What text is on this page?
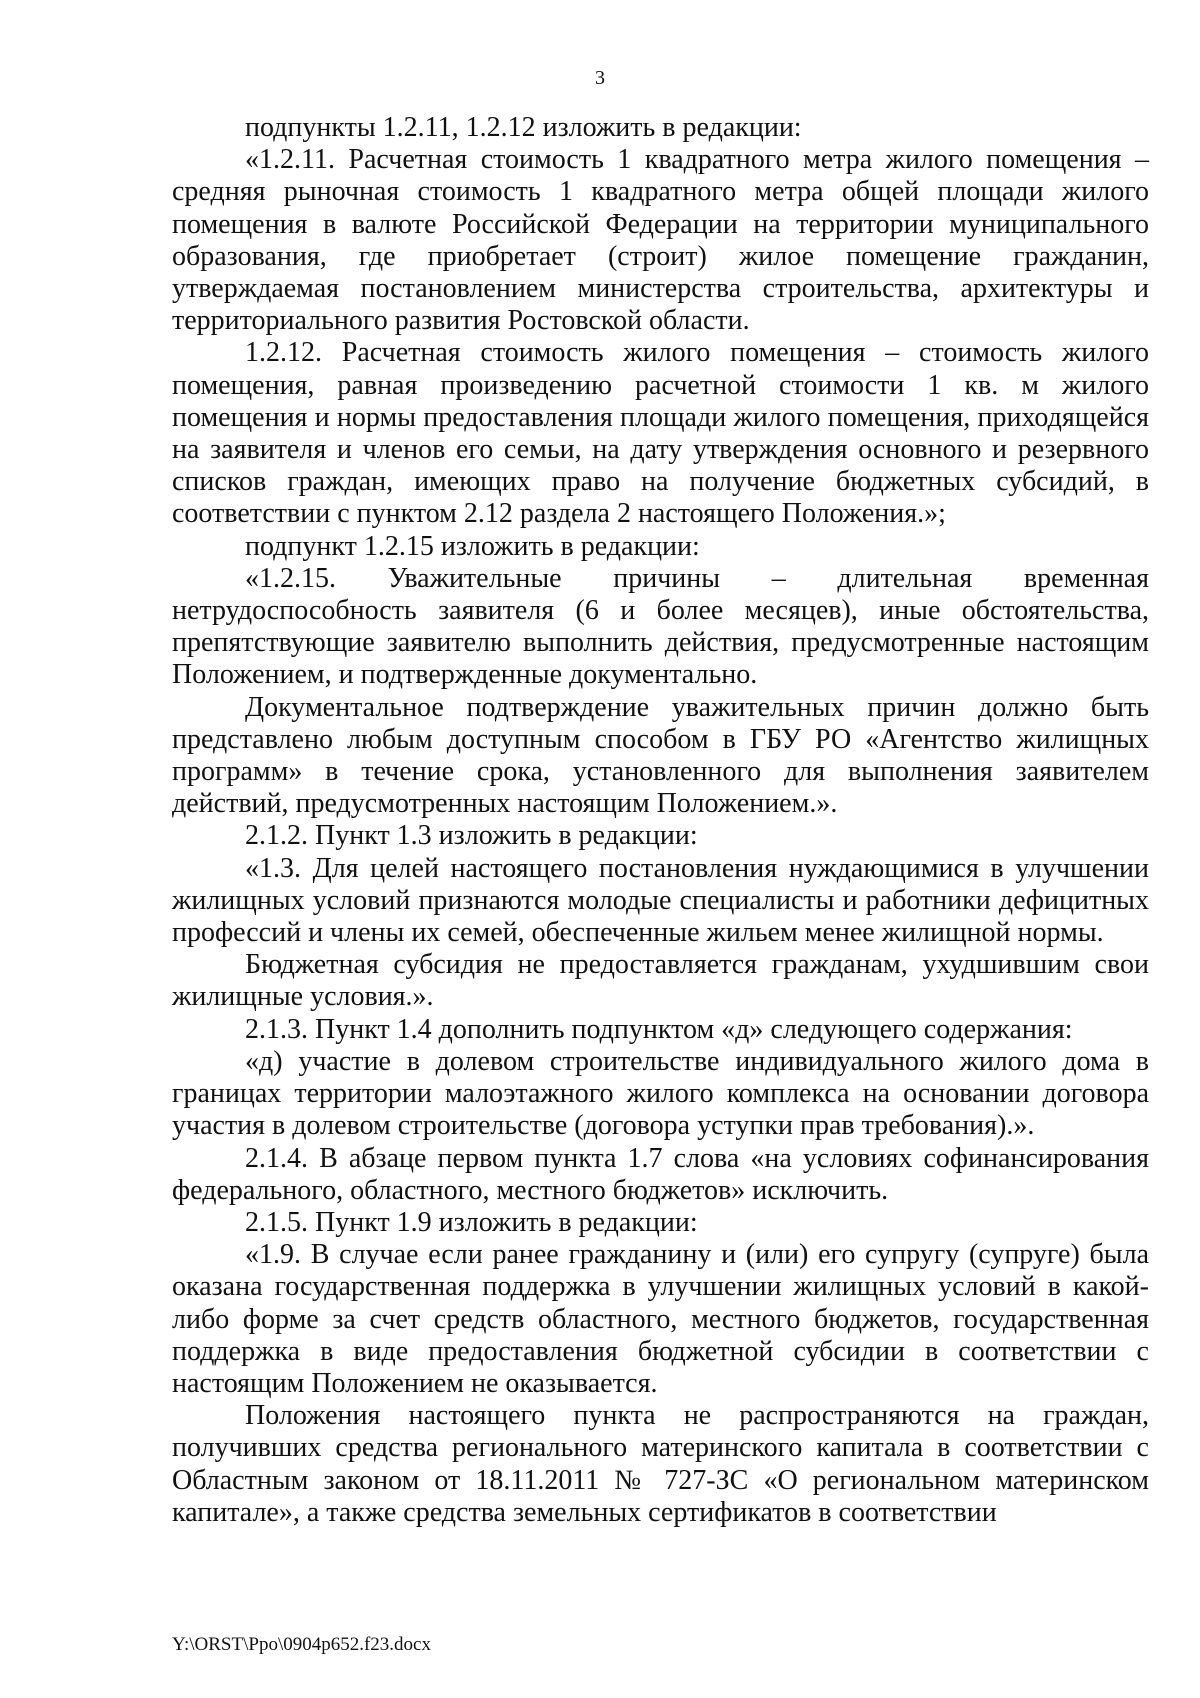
3

подпункты 1.2.11, 1.2.12 изложить в редакции:

«1.2.11. Расчетная стоимость 1 квадратного метра жилого помещения – средняя рыночная стоимость 1 квадратного метра общей площади жилого помещения в валюте Российской Федерации на территории муниципального образования, где приобретает (строит) жилое помещение гражданин, утверждаемая постановлением министерства строительства, архитектуры и территориального развития Ростовской области.

1.2.12. Расчетная стоимость жилого помещения – стоимость жилого помещения, равная произведению расчетной стоимости 1 кв. м жилого помещения и нормы предоставления площади жилого помещения, приходящейся на заявителя и членов его семьи, на дату утверждения основного и резервного списков граждан, имеющих право на получение бюджетных субсидий, в соответствии с пунктом 2.12 раздела 2 настоящего Положения.»;

подпункт 1.2.15 изложить в редакции:

«1.2.15. Уважительные причины – длительная временная нетрудоспособность заявителя (6 и более месяцев), иные обстоятельства, препятствующие заявителю выполнить действия, предусмотренные настоящим Положением, и подтвержденные документально.

Документальное подтверждение уважительных причин должно быть представлено любым доступным способом в ГБУ РО «Агентство жилищных программ» в течение срока, установленного для выполнения заявителем действий, предусмотренных настоящим Положением.».

2.1.2. Пункт 1.3 изложить в редакции:

«1.3. Для целей настоящего постановления нуждающимися в улучшении жилищных условий признаются молодые специалисты и работники дефицитных профессий и члены их семей, обеспеченные жильем менее жилищной нормы.

Бюджетная субсидия не предоставляется гражданам, ухудшившим свои жилищные условия.».

2.1.3. Пункт 1.4 дополнить подпунктом «д» следующего содержания:

«д) участие в долевом строительстве индивидуального жилого дома в границах территории малоэтажного жилого комплекса на основании договора участия в долевом строительстве (договора уступки прав требования).».

2.1.4. В абзаце первом пункта 1.7 слова «на условиях софинансирования федерального, областного, местного бюджетов» исключить.

2.1.5. Пункт 1.9 изложить в редакции:

«1.9. В случае если ранее гражданину и (или) его супругу (супруге) была оказана государственная поддержка в улучшении жилищных условий в какой-либо форме за счет средств областного, местного бюджетов, государственная поддержка в виде предоставления бюджетной субсидии в соответствии с настоящим Положением не оказывается.

Положения настоящего пункта не распространяются на граждан, получивших средства регионального материнского капитала в соответствии с Областным законом от 18.11.2011 № 727-ЗС «О региональном материнском капитале», а также средства земельных сертификатов в соответствии

Y:\ORST\Ppo\0904p652.f23.docx
